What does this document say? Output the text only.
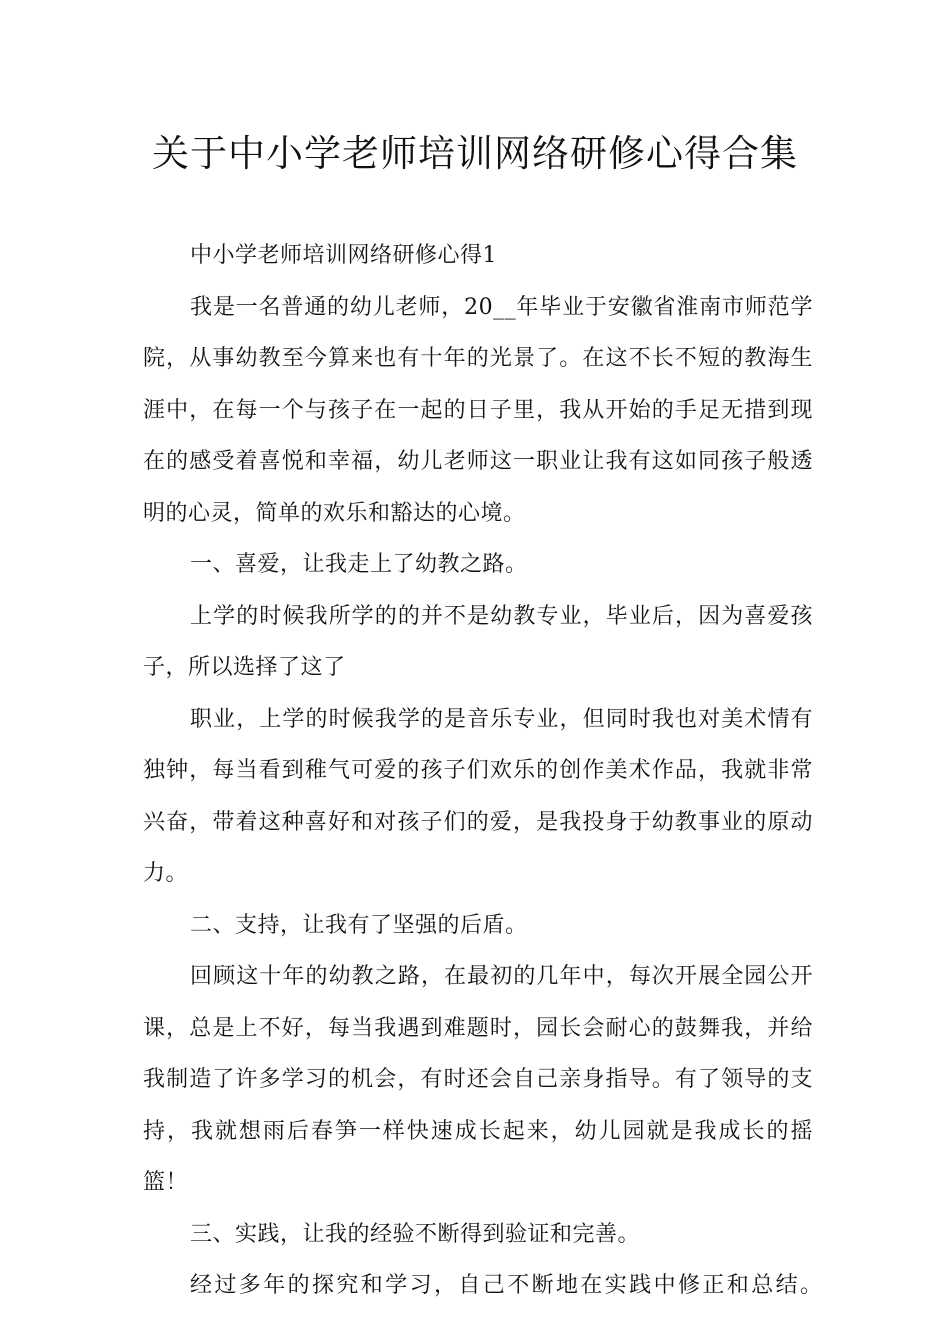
关于中小学老师培训网络研修心得合集

中小学老师培训网络研修心得1

我是一名普通的幼儿老师，20__年毕业于安徽省淮南市师范学院，从事幼教至今算来也有十年的光景了。在这不长不短的教海生涯中，在每一个与孩子在一起的日子里，我从开始的手足无措到现在的感受着喜悦和幸福，幼儿老师这一职业让我有这如同孩子般透明的心灵，简单的欢乐和豁达的心境。

一、喜爱，让我走上了幼教之路。

上学的时候我所学的的并不是幼教专业，毕业后，因为喜爱孩子，所以选择了这了

职业，上学的时候我学的是音乐专业，但同时我也对美术情有独钟，每当看到稚气可爱的孩子们欢乐的创作美术作品，我就非常兴奋，带着这种喜好和对孩子们的爱，是我投身于幼教事业的原动力。

二、支持，让我有了坚强的后盾。

回顾这十年的幼教之路，在最初的几年中，每次开展全园公开课，总是上不好，每当我遇到难题时，园长会耐心的鼓舞我，并给我制造了许多学习的机会，有时还会自己亲身指导。有了领导的支持，我就想雨后春笋一样快速成长起来，幼儿园就是我成长的摇篮！

三、实践，让我的经验不断得到验证和完善。

经过多年的探究和学习，自己不断地在实践中修正和总结。
